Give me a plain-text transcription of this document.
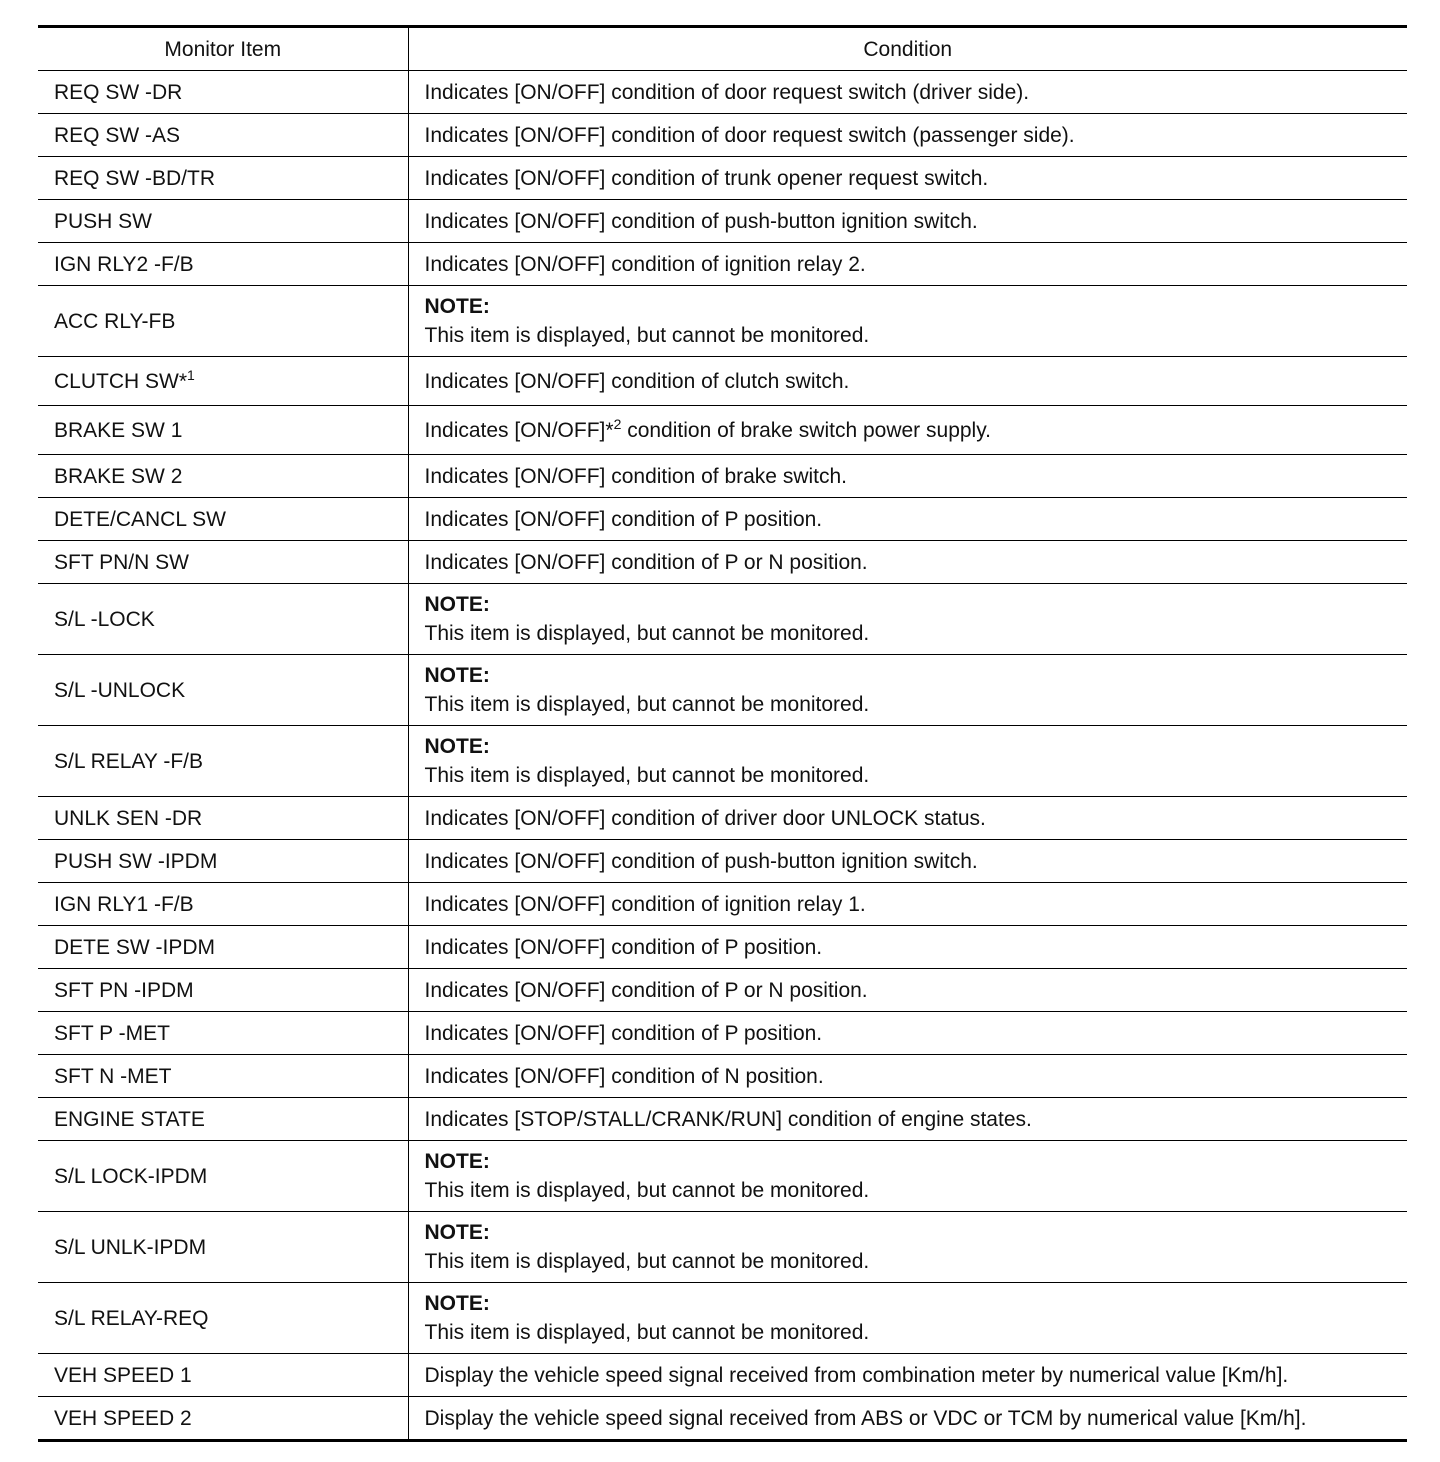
Monitor Item	Condition
REQ SW -DR	Indicates [ON/OFF] condition of door request switch (driver side).
REQ SW -AS	Indicates [ON/OFF] condition of door request switch (passenger side).
REQ SW -BD/TR	Indicates [ON/OFF] condition of trunk opener request switch.
PUSH SW	Indicates [ON/OFF] condition of push-button ignition switch.
IGN RLY2 -F/B	Indicates [ON/OFF] condition of ignition relay 2.
ACC RLY-FB	NOTE:
This item is displayed, but cannot be monitored.

CLUTCH SW*$^1$	Indicates [ON/OFF] condition of clutch switch.
BRAKE SW 1	Indicates [ON/OFF]*$^2$ condition of brake switch power supply.
BRAKE SW 2	Indicates [ON/OFF] condition of brake switch.
DETE/CANCL SW	Indicates [ON/OFF] condition of P position.
SFT PN/N SW	Indicates [ON/OFF] condition of P or N position.
S/L -LOCK	NOTE:
This item is displayed, but cannot be monitored.

S/L -UNLOCK	NOTE:
This item is displayed, but cannot be monitored.

S/L RELAY -F/B	NOTE:
This item is displayed, but cannot be monitored.

UNLK SEN -DR	Indicates [ON/OFF] condition of driver door UNLOCK status.
PUSH SW -IPDM	Indicates [ON/OFF] condition of push-button ignition switch.
IGN RLY1 -F/B	Indicates [ON/OFF] condition of ignition relay 1.
DETE SW -IPDM	Indicates [ON/OFF] condition of P position.
SFT PN -IPDM	Indicates [ON/OFF] condition of P or N position.
SFT P -MET	Indicates [ON/OFF] condition of P position.
SFT N -MET	Indicates [ON/OFF] condition of N position.
ENGINE STATE	Indicates [STOP/STALL/CRANK/RUN] condition of engine states.
S/L LOCK-IPDM	NOTE:
This item is displayed, but cannot be monitored.

S/L UNLK-IPDM	NOTE:
This item is displayed, but cannot be monitored.

S/L RELAY-REQ	NOTE:
This item is displayed, but cannot be monitored.

VEH SPEED 1	Display the vehicle speed signal received from combination meter by numerical value [Km/h].
VEH SPEED 2	Display the vehicle speed signal received from ABS or VDC or TCM by numerical value [Km/h].
